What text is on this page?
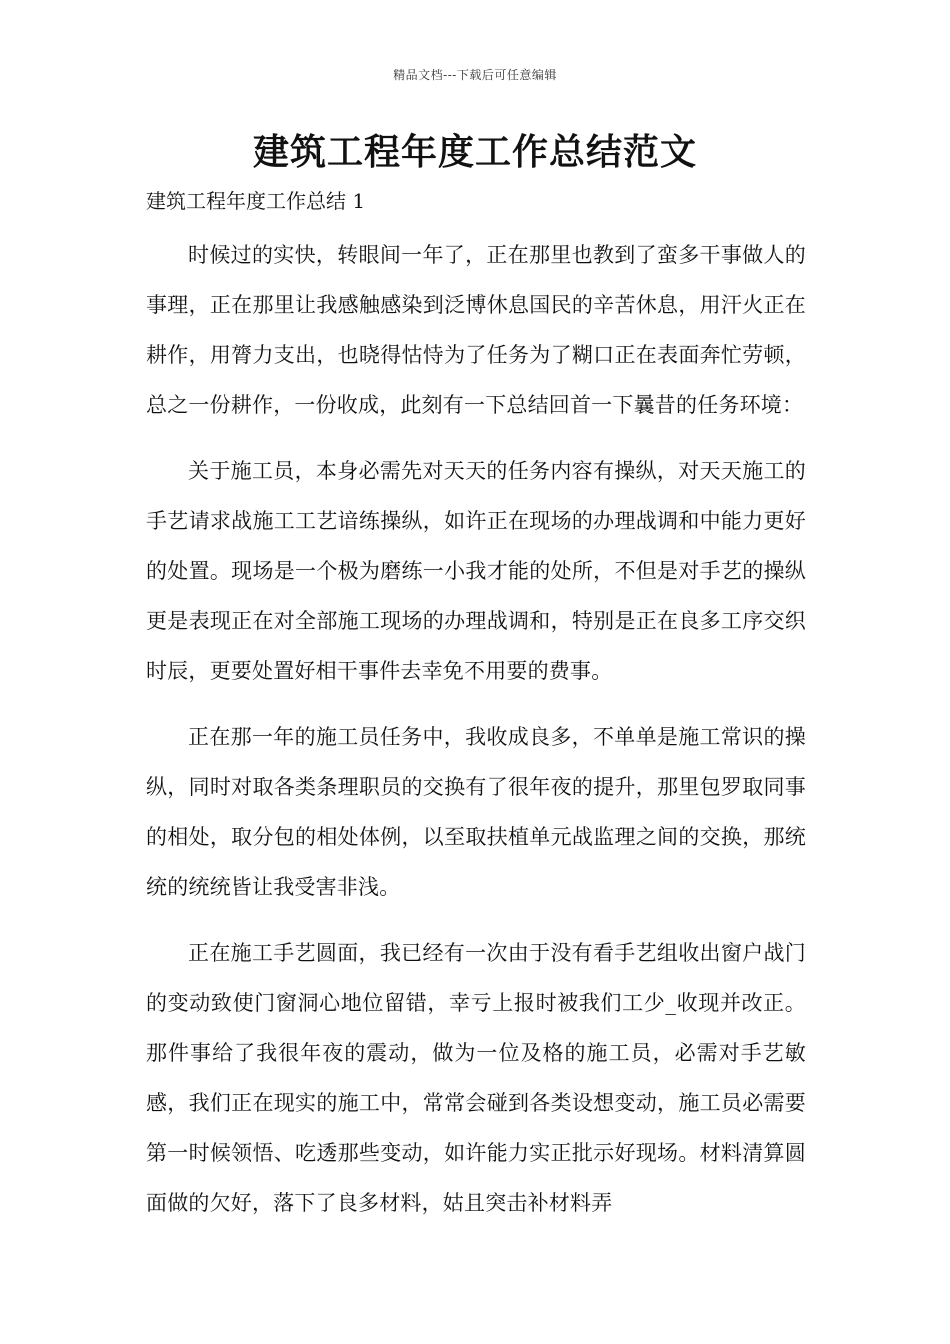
精品文档---下载后可任意编辑
建筑工程年度工作总结范文

建筑工程年度工作总结 1

时候过的实快，转眼间一年了，正在那里也教到了蛮多干事做人的事理，正在那里让我感触感染到泛博休息国民的辛苦休息，用汗火正在耕作，用膂力支出，也晓得怙恃为了任务为了糊口正在表面奔忙劳顿，总之一份耕作，一份收成，此刻有一下总结回首一下曩昔的任务环境：

关于施工员，本身必需先对天天的任务内容有操纵，对天天施工的手艺请求战施工工艺谙练操纵，如许正在现场的办理战调和中能力更好的处置。现场是一个极为磨练一小我才能的处所，不但是对手艺的操纵更是表现正在对全部施工现场的办理战调和，特别是正在良多工序交织时辰，更要处置好相干事件去幸免不用要的费事。

正在那一年的施工员任务中，我收成良多，不单单是施工常识的操纵，同时对取各类条理职员的交换有了很年夜的提升，那里包罗取同事的相处，取分包的相处体例，以至取扶植单元战监理之间的交换，那统统的统统皆让我受害非浅。

正在施工手艺圆面，我已经有一次由于没有看手艺组收出窗户战门的变动致使门窗洞心地位留错，幸亏上报时被我们工少_收现并改正。那件事给了我很年夜的震动，做为一位及格的施工员，必需对手艺敏感，我们正在现实的施工中，常常会碰到各类设想变动，施工员必需要第一时候领悟、吃透那些变动，如许能力实正批示好现场。材料清算圆面做的欠好，落下了良多材料，姑且突击补材料弄
